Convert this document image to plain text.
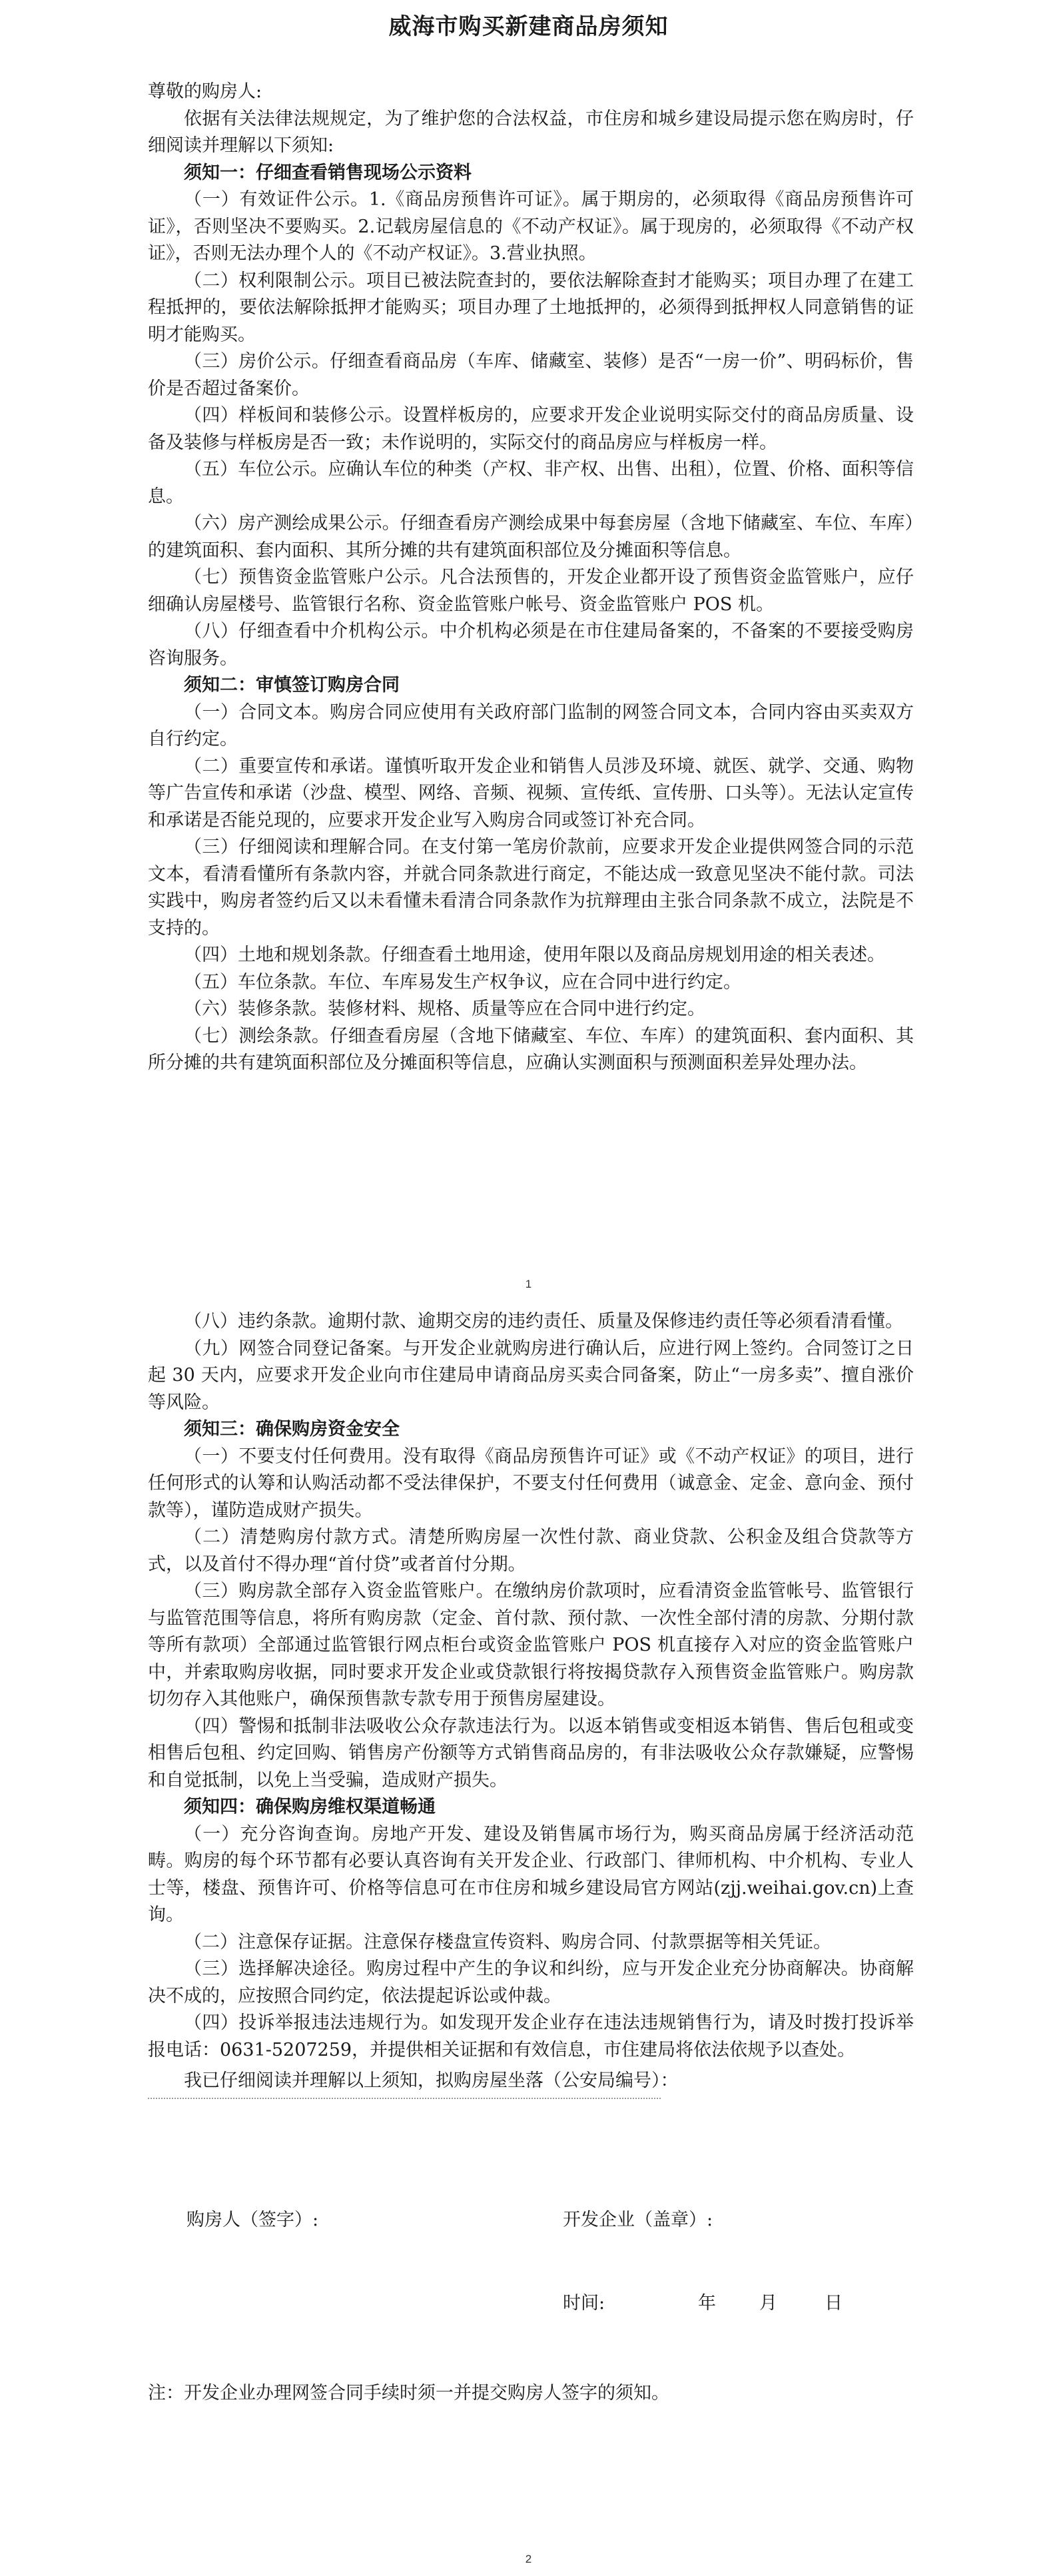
威海市购买新建商品房须知

尊敬的购房人:

依据有关法律法规规定，为了维护您的合法权益，市住房和城乡建设局提示您在购房时，仔细阅读并理解以下须知:

须知一：仔细查看销售现场公示资料

（一）有效证件公示。1.《商品房预售许可证》。属于期房的，必须取得《商品房预售许可证》，否则坚决不要购买。2.记载房屋信息的《不动产权证》。属于现房的，必须取得《不动产权证》，否则无法办理个人的《不动产权证》。3.营业执照。

（二）权利限制公示。项目已被法院查封的，要依法解除查封才能购买；项目办理了在建工程抵押的，要依法解除抵押才能购买；项目办理了土地抵押的，必须得到抵押权人同意销售的证明才能购买。

（三）房价公示。仔细查看商品房（车库、储藏室、装修）是否“一房一价”、明码标价，售价是否超过备案价。

（四）样板间和装修公示。设置样板房的，应要求开发企业说明实际交付的商品房质量、设备及装修与样板房是否一致；未作说明的，实际交付的商品房应与样板房一样。

（五）车位公示。应确认车位的种类（产权、非产权、出售、出租），位置、价格、面积等信息。

（六）房产测绘成果公示。仔细查看房产测绘成果中每套房屋（含地下储藏室、车位、车库）的建筑面积、套内面积、其所分摊的共有建筑面积部位及分摊面积等信息。

（七）预售资金监管账户公示。凡合法预售的，开发企业都开设了预售资金监管账户，应仔细确认房屋楼号、监管银行名称、资金监管账户帐号、资金监管账户 POS 机。

（八）仔细查看中介机构公示。中介机构必须是在市住建局备案的，不备案的不要接受购房咨询服务。

须知二：审慎签订购房合同

（一）合同文本。购房合同应使用有关政府部门监制的网签合同文本，合同内容由买卖双方自行约定。

（二）重要宣传和承诺。谨慎听取开发企业和销售人员涉及环境、就医、就学、交通、购物等广告宣传和承诺（沙盘、模型、网络、音频、视频、宣传纸、宣传册、口头等）。无法认定宣传和承诺是否能兑现的，应要求开发企业写入购房合同或签订补充合同。

（三）仔细阅读和理解合同。在支付第一笔房价款前，应要求开发企业提供网签合同的示范文本，看清看懂所有条款内容，并就合同条款进行商定，不能达成一致意见坚决不能付款。司法实践中，购房者签约后又以未看懂未看清合同条款作为抗辩理由主张合同条款不成立，法院是不支持的。

（四）土地和规划条款。仔细查看土地用途，使用年限以及商品房规划用途的相关表述。

（五）车位条款。车位、车库易发生产权争议，应在合同中进行约定。

（六）装修条款。装修材料、规格、质量等应在合同中进行约定。

（七）测绘条款。仔细查看房屋（含地下储藏室、车位、车库）的建筑面积、套内面积、其所分摊的共有建筑面积部位及分摊面积等信息，应确认实测面积与预测面积差异处理办法。

1

（八）违约条款。逾期付款、逾期交房的违约责任、质量及保修违约责任等必须看清看懂。

（九）网签合同登记备案。与开发企业就购房进行确认后，应进行网上签约。合同签订之日起 30 天内，应要求开发企业向市住建局申请商品房买卖合同备案，防止“一房多卖”、擅自涨价等风险。

须知三：确保购房资金安全

（一）不要支付任何费用。没有取得《商品房预售许可证》或《不动产权证》的项目，进行任何形式的认筹和认购活动都不受法律保护，不要支付任何费用（诚意金、定金、意向金、预付款等），谨防造成财产损失。

（二）清楚购房付款方式。清楚所购房屋一次性付款、商业贷款、公积金及组合贷款等方式，以及首付不得办理“首付贷”或者首付分期。

（三）购房款全部存入资金监管账户。在缴纳房价款项时，应看清资金监管帐号、监管银行与监管范围等信息，将所有购房款（定金、首付款、预付款、一次性全部付清的房款、分期付款等所有款项）全部通过监管银行网点柜台或资金监管账户 POS 机直接存入对应的资金监管账户中，并索取购房收据，同时要求开发企业或贷款银行将按揭贷款存入预售资金监管账户。购房款切勿存入其他账户，确保预售款专款专用于预售房屋建设。

（四）警惕和抵制非法吸收公众存款违法行为。以返本销售或变相返本销售、售后包租或变相售后包租、约定回购、销售房产份额等方式销售商品房的，有非法吸收公众存款嫌疑，应警惕和自觉抵制，以免上当受骗，造成财产损失。

须知四：确保购房维权渠道畅通

（一）充分咨询查询。房地产开发、建设及销售属市场行为，购买商品房属于经济活动范畴。购房的每个环节都有必要认真咨询有关开发企业、行政部门、律师机构、中介机构、专业人士等，楼盘、预售许可、价格等信息可在市住房和城乡建设局官方网站(zjj.weihai.gov.cn)上查询。

（二）注意保存证据。注意保存楼盘宣传资料、购房合同、付款票据等相关凭证。

（三）选择解决途径。购房过程中产生的争议和纠纷，应与开发企业充分协商解决。协商解决不成的，应按照合同约定，依法提起诉讼或仲裁。

（四）投诉举报违法违规行为。如发现开发企业存在违法违规销售行为，请及时拨打投诉举报电话：0631-5207259，并提供相关证据和有效信息，市住建局将依法依规予以查处。

我已仔细阅读并理解以上须知，拟购房屋坐落（公安局编号）：

购房人（签字）:	开发企业（盖章）:
时间:	年 月	日
注：开发企业办理网签合同手续时须一并提交购房人签字的须知。
2
